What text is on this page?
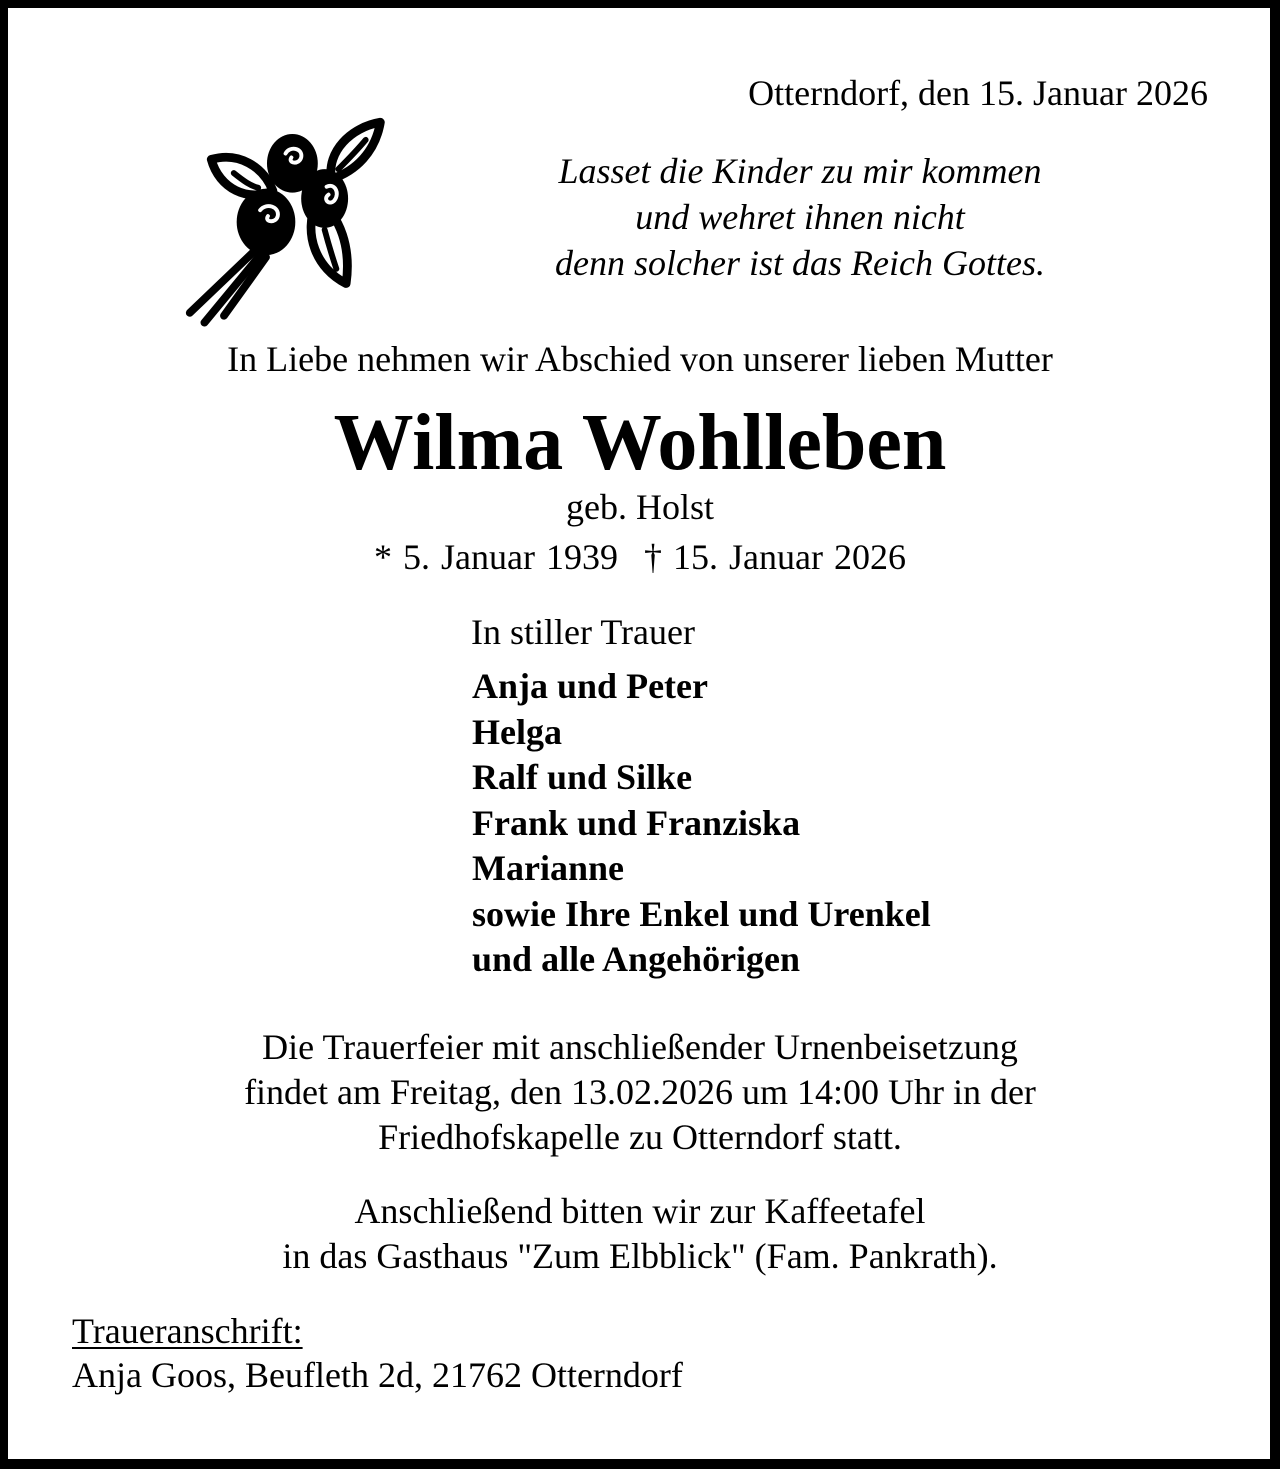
Otterndorf, den 15. Januar 2026
Lasset die Kinder zu mir kommen
und wehret ihnen nicht
denn solcher ist das Reich Gottes.
In Liebe nehmen wir Abschied von unserer lieben Mutter
Wilma Wohlleben
geb. Holst
* 5. Januar 1939 † 15. Januar 2026
In stiller Trauer
Anja und Peter
Helga
Ralf und Silke
Frank und Franziska
Marianne
sowie Ihre Enkel und Urenkel
und alle Angehörigen
Die Trauerfeier mit anschließender Urnenbeisetzung
findet am Freitag, den 13.02.2026 um 14:00 Uhr in der
Friedhofskapelle zu Otterndorf statt.
Anschließend bitten wir zur Kaffeetafel
in das Gasthaus "Zum Elbblick" (Fam. Pankrath).
Traueranschrift:
Anja Goos, Beufleth 2d, 21762 Otterndorf
